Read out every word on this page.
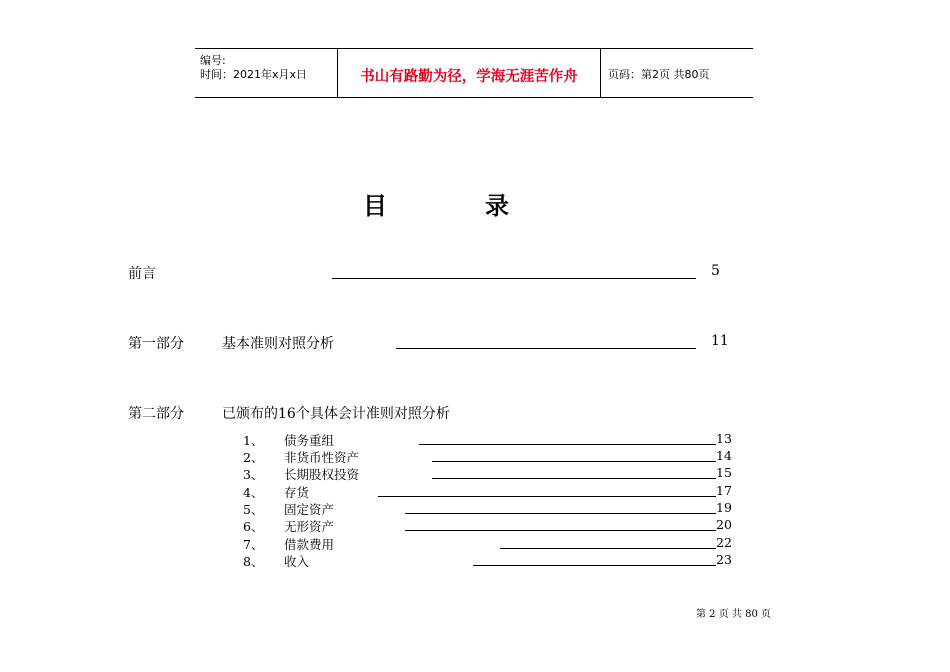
编号:
时间：2021年x月x日	书山有路勤为径，学海无涯苦作舟	页码：第2页 共80页
目	录
前言	5
第一部分	基本准则对照分析	11
第二部分	已颁布的16个具体会计准则对照分析
1、 债务重组	13
2、 非货币性资产	14
3、 长期股权投资	15
4、 存货	17
5、 固定资产	19
6、 无形资产	20
7、 借款费用	22
8、 收入	23
第 2 页 共 80 页
